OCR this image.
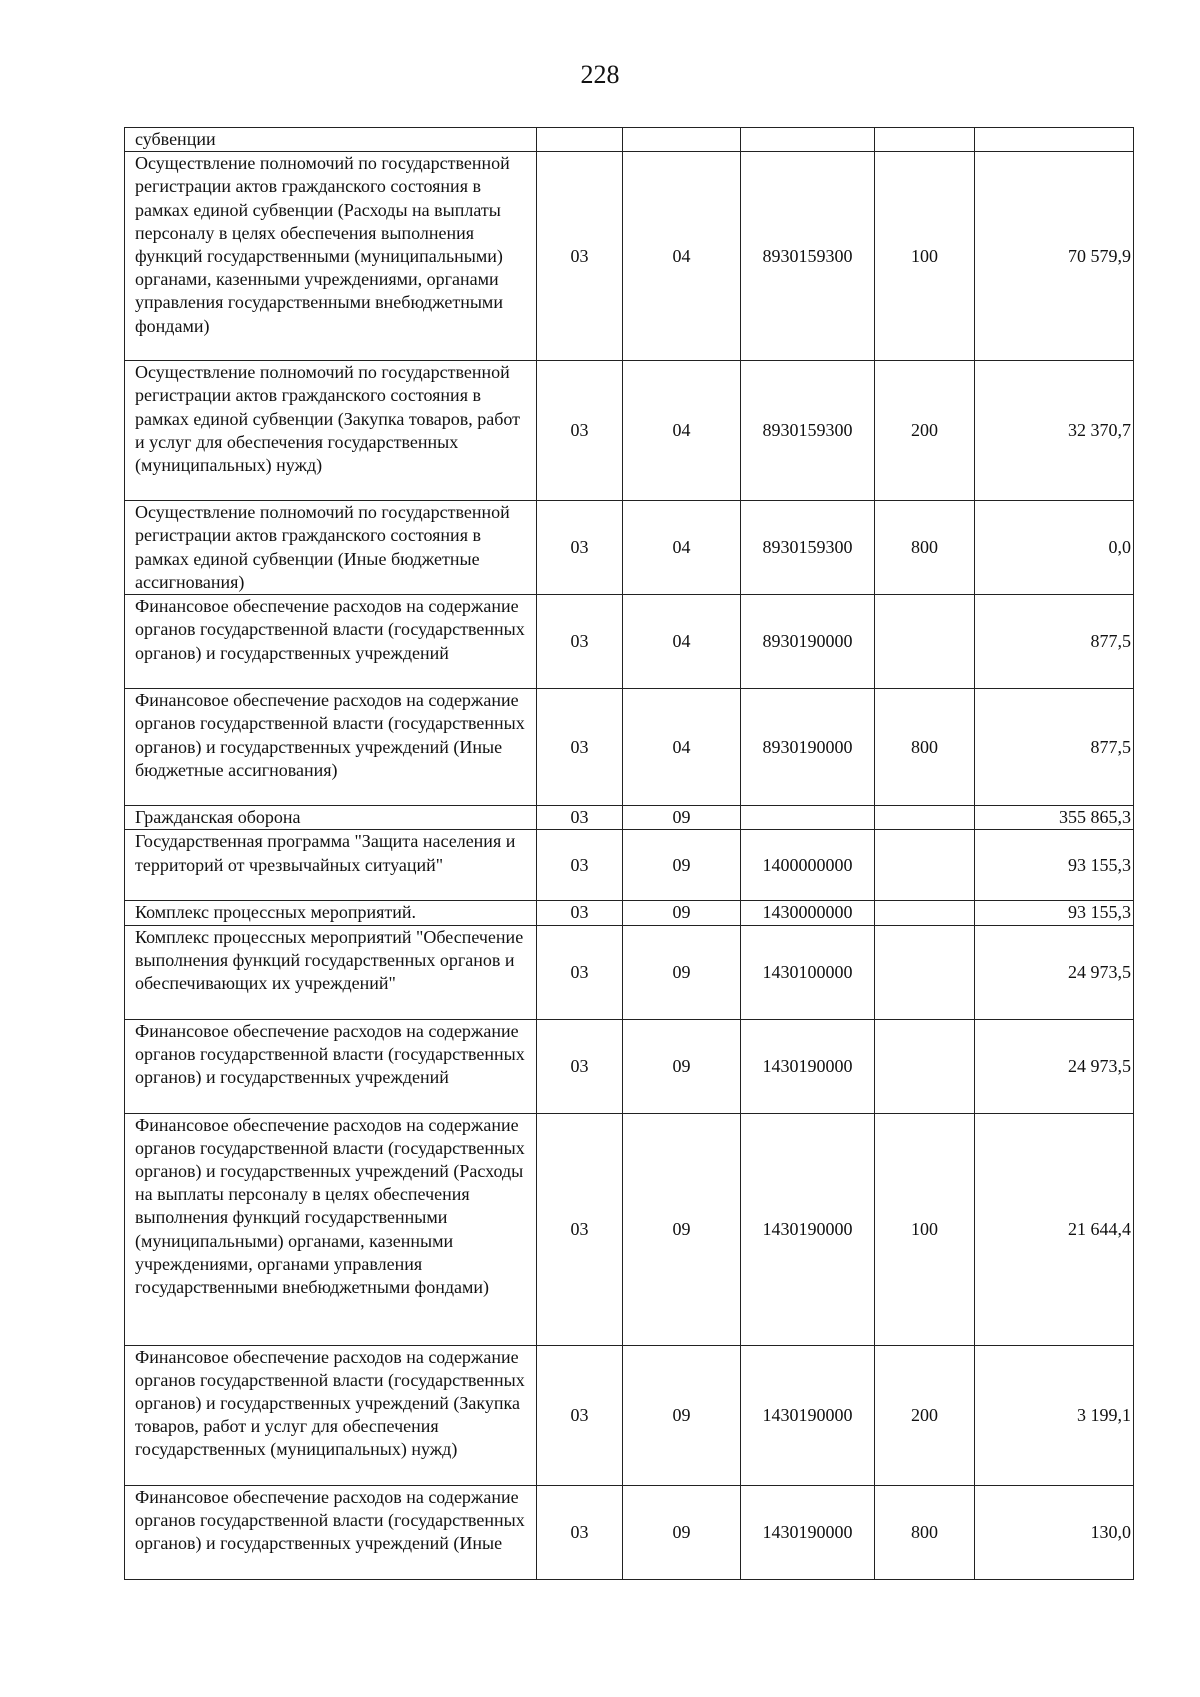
228
субвенции					
Осуществление полномочий по государственной регистрации актов гражданского состояния в рамках единой субвенции (Расходы на выплаты персоналу в целях обеспечения выполнения функций государственными (муниципальными) органами, казенными учреждениями, органами управления государственными внебюджетными фондами)	03	04	8930159300	100	70 579,9
Осуществление полномочий по государственной регистрации актов гражданского состояния в рамках единой субвенции (Закупка товаров, работ и услуг для обеспечения государственных (муниципальных) нужд)	03	04	8930159300	200	32 370,7
Осуществление полномочий по государственной регистрации актов гражданского состояния в рамках единой субвенции (Иные бюджетные ассигнования)	03	04	8930159300	800	0,0
Финансовое обеспечение расходов на содержание органов государственной власти (государственных органов) и государственных учреждений	03	04	8930190000		877,5
Финансовое обеспечение расходов на содержание органов государственной власти (государственных органов) и государственных учреждений (Иные бюджетные ассигнования)	03	04	8930190000	800	877,5
Гражданская оборона	03	09			355 865,3
Государственная программа "Защита населения и территорий от чрезвычайных ситуаций"	03	09	1400000000		93 155,3
Комплекс процессных мероприятий.	03	09	1430000000		93 155,3
Комплекс процессных мероприятий "Обеспечение выполнения функций государственных органов и обеспечивающих их учреждений"	03	09	1430100000		24 973,5
Финансовое обеспечение расходов на содержание органов государственной власти (государственных органов) и государственных учреждений	03	09	1430190000		24 973,5
Финансовое обеспечение расходов на содержание органов государственной власти (государственных органов) и государственных учреждений (Расходы на выплаты персоналу в целях обеспечения выполнения функций государственными (муниципальными) органами, казенными учреждениями, органами управления государственными внебюджетными фондами)	03	09	1430190000	100	21 644,4
Финансовое обеспечение расходов на содержание органов государственной власти (государственных органов) и государственных учреждений (Закупка товаров, работ и услуг для обеспечения государственных (муниципальных) нужд)	03	09	1430190000	200	3 199,1
Финансовое обеспечение расходов на содержание органов государственной власти (государственных органов) и государственных учреждений (Иные	03	09	1430190000	800	130,0
